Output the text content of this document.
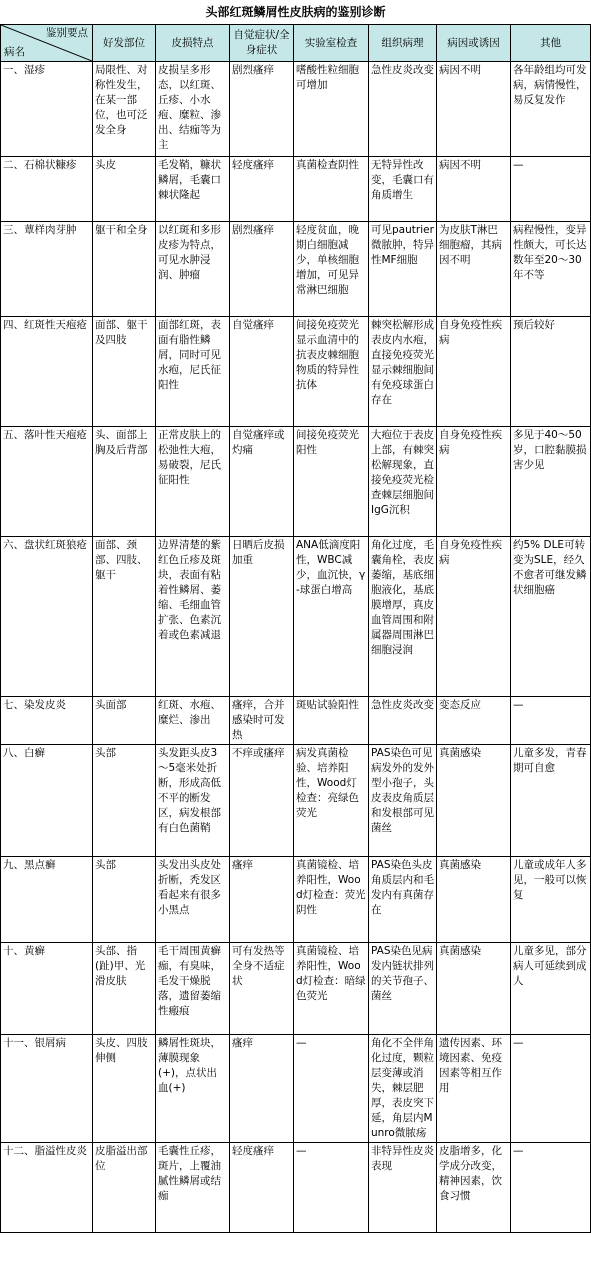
头部红斑鳞屑性皮肤病的鉴别诊断
鉴别要点
病名	好发部位	皮损特点	自觉症状/全身症状	实验室检查	组织病理	病因或诱因	其他
一、湿疹	局限性、对称性发生，在某一部位，也可泛发全身	皮损呈多形态，以红斑、丘疹、小水疱、糜粒、渗出、结痂等为主	剧烈瘙痒	嗜酸性粒细胞可增加	急性皮炎改变	病因不明	各年龄组均可发病，病情慢性，易反复发作
二、石棉状糠疹	头皮	毛发鞘，糠状鳞屑，毛囊口棘状隆起	轻度瘙痒	真菌检查阴性	无特异性改变，毛囊口有角质增生	病因不明	—
三、蕈样肉芽肿	躯干和全身	以红斑和多形皮疹为特点，可见水肿浸润、肿瘤	剧烈瘙痒	轻度贫血，晚期白细胞减少，单核细胞增加，可见异常淋巴细胞	可见pautrier微脓肿，特异性MF细胞	为皮肤T淋巴细胞瘤，其病因不明	病程慢性，变异性颇大，可长达数年至20～30年不等
四、红斑性天疱疮	面部、躯干及四肢	面部红斑，表面有脂性鳞屑，同时可见水疱，尼氏征阳性	自觉瘙痒	间接免疫荧光显示血清中的抗表皮棘细胞物质的特异性抗体	棘突松解形成表皮内水疱，直接免疫荧光显示棘细胞间有免疫球蛋白存在	自身免疫性疾病	预后较好
五、落叶性天疱疮	头、面部上胸及后背部	正常皮肤上的松弛性大疱，易破裂，尼氏征阳性	自觉瘙痒或灼痛	间接免疫荧光阳性	大疱位于表皮上部，有棘突松解现象，直接免疫荧光检查棘层细胞间IgG沉积	自身免疫性疾病	多见于40～50岁，口腔黏膜损害少见
六、盘状红斑狼疮	面部、颈部、四肢、躯干	边界清楚的紫红色丘疹及斑块，表面有粘着性鳞屑、萎缩、毛细血管扩张、色素沉着或色素减退	日晒后皮损加重	ANA低滴度阳性，WBC减少，血沉快，γ-球蛋白增高	角化过度，毛囊角栓，表皮萎缩，基底细胞液化，基底膜增厚，真皮血管周围和附属器周围淋巴细胞浸润	自身免疫性疾病	约5% DLE可转变为SLE，经久不愈者可继发鳞状细胞癌
七、染发皮炎	头面部	红斑、水疱、糜烂、渗出	瘙痒，合并感染时可发热	斑贴试验阳性	急性皮炎改变	变态反应	—
八、白癣	头部	头发距头皮3～5毫米处折断，形成高低不平的断发区，病发根部有白色菌鞘	不痒或瘙痒	病发真菌检验、培养阳性，Wood灯检查：亮绿色荧光	PAS染色可见病发外的发外型小孢子，头皮表皮角质层和发根部可见菌丝	真菌感染	儿童多发，青春期可自愈
九、黑点癣	头部	头发出头皮处折断，秃发区看起来有很多小黑点	瘙痒	真菌镜检、培养阳性，Wood灯检查：荧光阴性	PAS染色头皮角质层内和毛发内有真菌存在	真菌感染	儿童或成年人多见，一般可以恢复
十、黄癣	头部、指(趾)甲、光滑皮肤	毛干周围黄癣痂，有臭味，毛发干燥脱落，遗留萎缩性瘢痕	可有发热等全身不适症状	真菌镜检、培养阳性，Wood灯检查：暗绿色荧光	PAS染色见病发内链状排列的关节孢子、菌丝	真菌感染	儿童多见，部分病人可延续到成人
十一、银屑病	头皮、四肢伸侧	鳞屑性斑块，薄膜现象(+)，点状出血(+)	瘙痒	—	角化不全伴角化过度，颗粒层变薄或消失，棘层肥厚，表皮突下延，角层内Munro微脓疡	遗传因素、环境因素、免疫因素等相互作用	—
十二、脂溢性皮炎	皮脂溢出部位	毛囊性丘疹，斑片，上覆油腻性鳞屑或结痂	轻度瘙痒	—	非特异性皮炎表现	皮脂增多，化学成分改变，精神因素，饮食习惯	—
